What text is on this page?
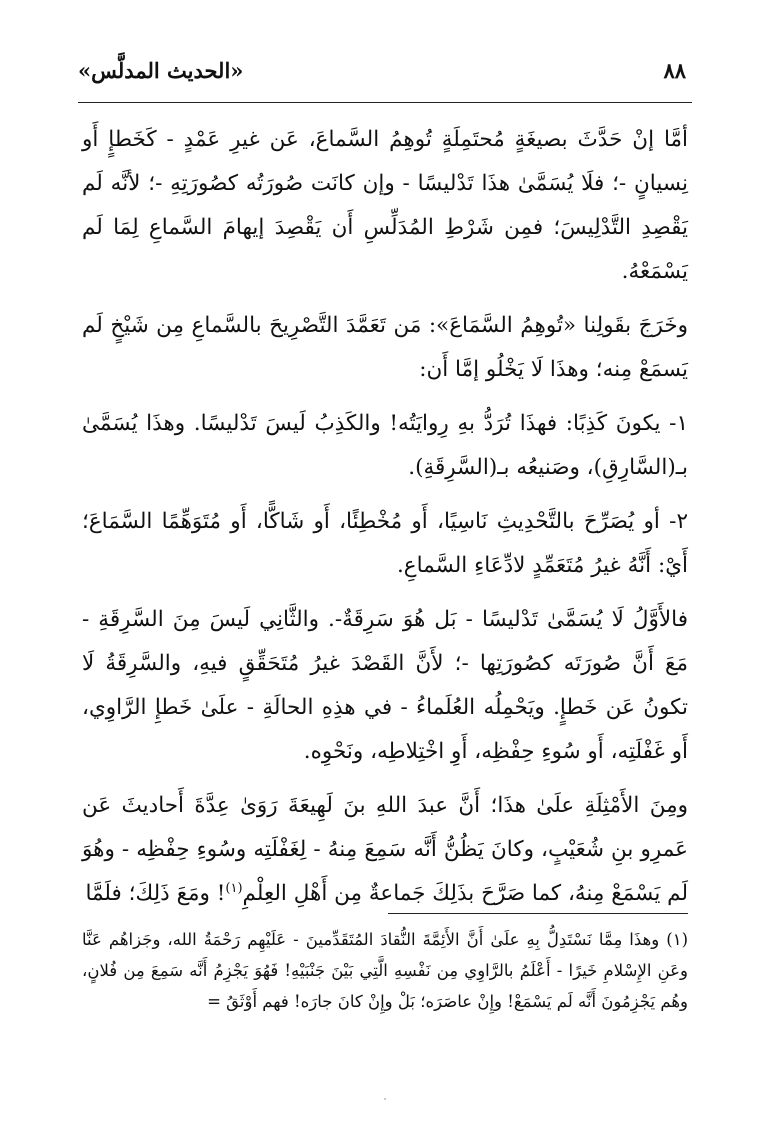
«الحديث المدلَّس»	٨٨

أمَّا إنْ حَدَّثَ بصيغَةٍ مُحتَمِلَةٍ تُوهِمُ السَّماعَ، عَن غيرِ عَمْدٍ - كَخَطإٍ أَو نِسيانٍ -؛ فلَا يُسَمَّىٰ هذَا تَدْليسًا - وإن كانَت صُورَتُه كصُورَتِهِ -؛ لأنَّه لَم يَقْصِدِ التَّدْلِيسَ؛ فمِن شَرْطِ المُدَلِّسِ أَن يَقْصِدَ إيهامَ السَّماعِ لِمَا لَم يَسْمَعْهُ.

وخَرَجَ بقَولِنا «تُوهِمُ السَّمَاعَ»: مَن تَعَمَّدَ التَّصْرِيحَ بالسَّماعِ مِن شَيْخٍ لَم يَسمَعْ مِنه؛ وهذَا لَا يَخْلُو إمَّا أَن:

١- يكونَ كَذِبًا: فهذَا تُرَدُّ بهِ رِوايَتُه! والكَذِبُ لَيسَ تَدْليسًا. وهذَا يُسَمَّىٰ بـ(السَّارِقِ)، وصَنيعُه بـ(السَّرِقَةِ).

٢- أو يُصَرِّحَ بالتَّحْدِيثِ نَاسِيًا، أَو مُخْطِئًا، أَو شَاكًّا، أَو مُتَوَهِّمًا السَّمَاعَ؛ أَيْ: أَنَّهُ غيرُ مُتَعَمِّدٍ لادِّعَاءِ السَّماعِ.

فالأَوَّلُ لَا يُسَمَّىٰ تَدْليسًا - بَل هُوَ سَرِقَةٌ-. والثَّانِي لَيسَ مِنَ السَّرِقَةِ - مَعَ أَنَّ صُورَتَه كصُورَتِها -؛ لأَنَّ القَصْدَ غيرُ مُتَحَقِّقٍ فيهِ، والسَّرِقَةُ لَا تكونُ عَن خَطإٍ. ويَحْمِلُه العُلَماءُ - في هذِهِ الحالَةِ - علَىٰ خَطإِ الرَّاوِي، أَو غَفْلَتِه، أَو سُوءِ حِفْظِه، أَوِ اخْتِلاطِه، ونَحْوِه.

ومِنَ الأَمْثِلَةِ علَىٰ هذَا؛ أَنَّ عبدَ اللهِ بنَ لَهِيعَةَ رَوَىٰ عِدَّةَ أَحاديثَ عَن عَمرِو بنِ شُعَيْبٍ، وكانَ يَظُنُّ أَنَّه سَمِعَ مِنهُ - لِغَفْلَتِه وسُوءِ حِفْظِه - وهُوَ لَم يَسْمَعْ مِنهُ، كما صَرَّحَ بذَلِكَ جَماعةٌ مِن أَهْلِ العِلْمِ$^{(١)}$! ومَعَ ذَلِكَ؛ فلَمَّا

(١) وهذَا مِمَّا نَسْتَدِلُّ بِهِ علَىٰ أَنَّ الأَئِمَّةَ النُّقادَ المُتَقَدِّمينَ - عَلَيْهِم رَحْمَةُ الله، وجَزاهُم عَنَّا وعَنِ الإِسْلامِ خَيرًا - أَعْلَمُ بالرَّاوِي مِن نَفْسِهِ الَّتِي بَيْنَ جَنْبَيْهِ! فَهُوَ يَجْزِمُ أَنَّه سَمِعَ مِن فُلانٍ، وهُم يَجْزِمُونَ أَنَّه لَم يَسْمَعْ! وإِنْ عاصَرَه؛ بَلْ وإِنْ كانَ جارَه! فهم أَوْثَقُ =
